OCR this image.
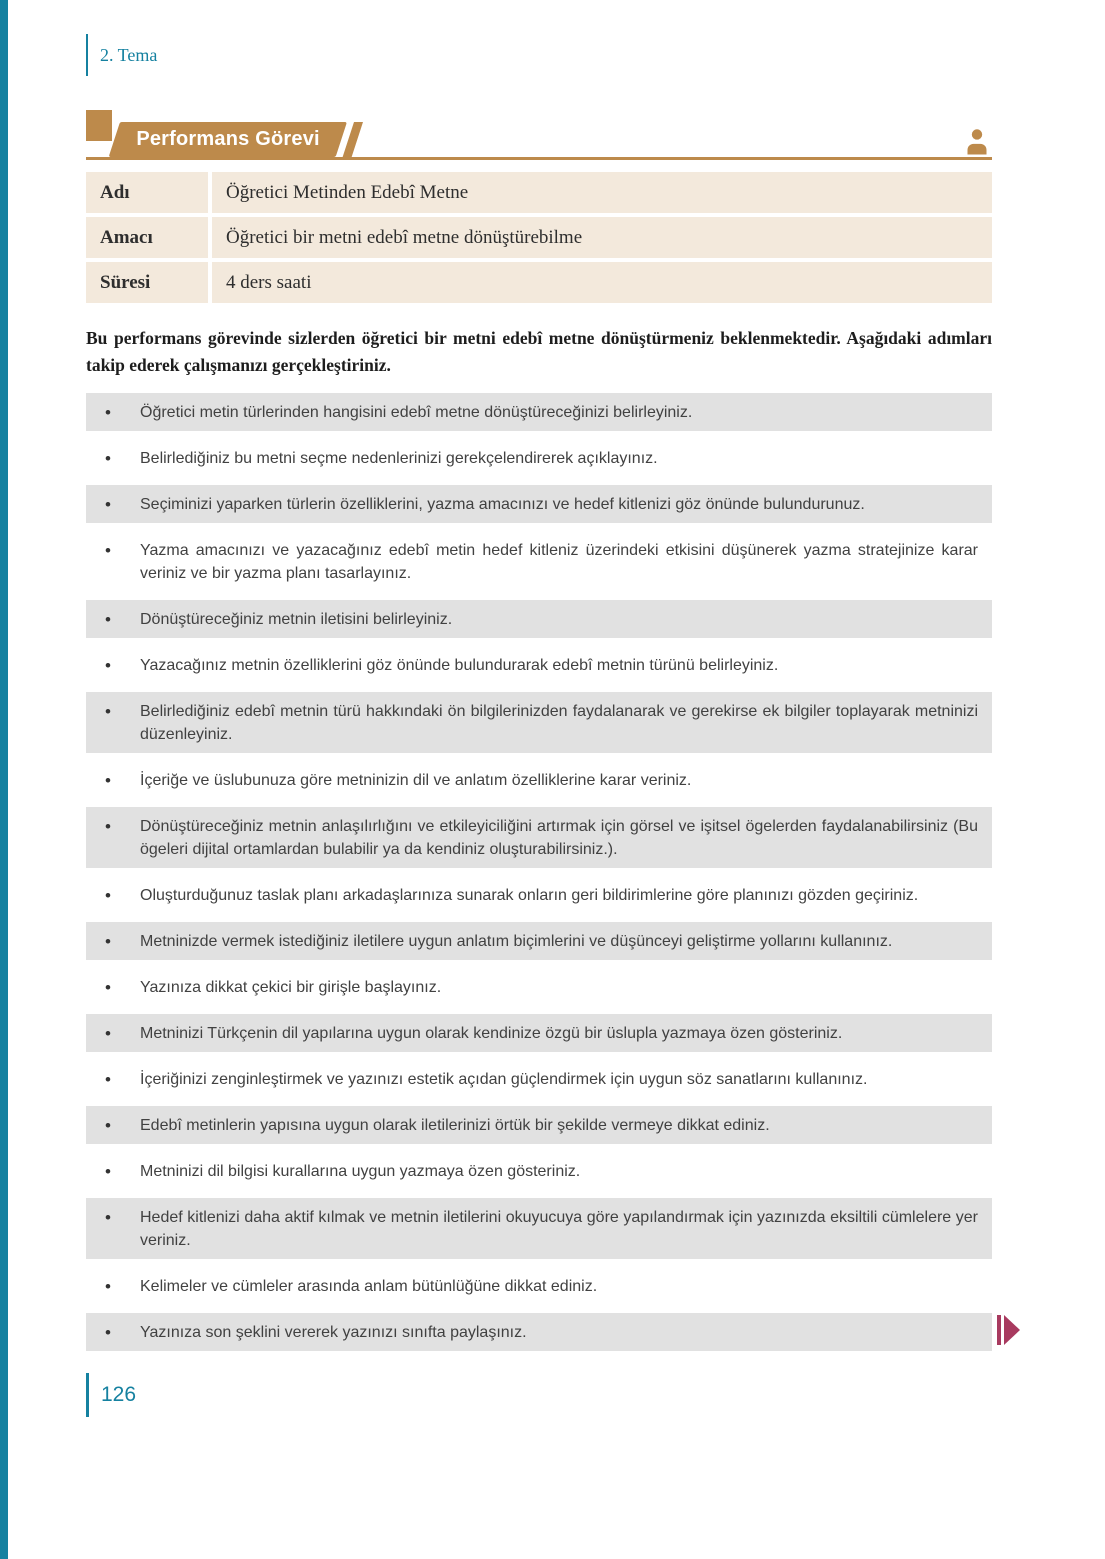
2. Tema
Performans Görevi
Adı	Öğretici Metinden Edebî Metne
Amacı	Öğretici bir metni edebî metne dönüştürebilme
Süresi	4 ders saati

Bu performans görevinde sizlerden öğretici bir metni edebî metne dönüştürmeniz beklenmektedir. Aşağıdaki adımları takip ederek çalışmanızı gerçekleştiriniz.

•	Öğretici metin türlerinden hangisini edebî metne dönüştüreceğinizi belirleyiniz.
•	Belirlediğiniz bu metni seçme nedenlerinizi gerekçelendirerek açıklayınız.
•	Seçiminizi yaparken türlerin özelliklerini, yazma amacınızı ve hedef kitlenizi göz önünde bulundurunuz.
•	Yazma amacınızı ve yazacağınız edebî metin hedef kitleniz üzerindeki etkisini düşünerek yazma stratejinize karar veriniz ve bir yazma planı tasarlayınız.
•	Dönüştüreceğiniz metnin iletisini belirleyiniz.
•	Yazacağınız metnin özelliklerini göz önünde bulundurarak edebî metnin türünü belirleyiniz.
•	Belirlediğiniz edebî metnin türü hakkındaki ön bilgilerinizden faydalanarak ve gerekirse ek bilgiler toplayarak metninizi düzenleyiniz.
•	İçeriğe ve üslubunuza göre metninizin dil ve anlatım özelliklerine karar veriniz.
•	Dönüştüreceğiniz metnin anlaşılırlığını ve etkileyiciliğini artırmak için görsel ve işitsel ögelerden faydalanabilirsiniz (Bu ögeleri dijital ortamlardan bulabilir ya da kendiniz oluşturabilirsiniz.).
•	Oluşturduğunuz taslak planı arkadaşlarınıza sunarak onların geri bildirimlerine göre planınızı gözden geçiriniz.
•	Metninizde vermek istediğiniz iletilere uygun anlatım biçimlerini ve düşünceyi geliştirme yollarını kullanınız.
•	Yazınıza dikkat çekici bir girişle başlayınız.
•	Metninizi Türkçenin dil yapılarına uygun olarak kendinize özgü bir üslupla yazmaya özen gösteriniz.
•	İçeriğinizi zenginleştirmek ve yazınızı estetik açıdan güçlendirmek için uygun söz sanatlarını kullanınız.
•	Edebî metinlerin yapısına uygun olarak iletilerinizi örtük bir şekilde vermeye dikkat ediniz.
•	Metninizi dil bilgisi kurallarına uygun yazmaya özen gösteriniz.
•	Hedef kitlenizi daha aktif kılmak ve metnin iletilerini okuyucuya göre yapılandırmak için yazınızda eksiltili cümlelere yer veriniz.
•	Kelimeler ve cümleler arasında anlam bütünlüğüne dikkat ediniz.
•	Yazınıza son şeklini vererek yazınızı sınıfta paylaşınız.
126
